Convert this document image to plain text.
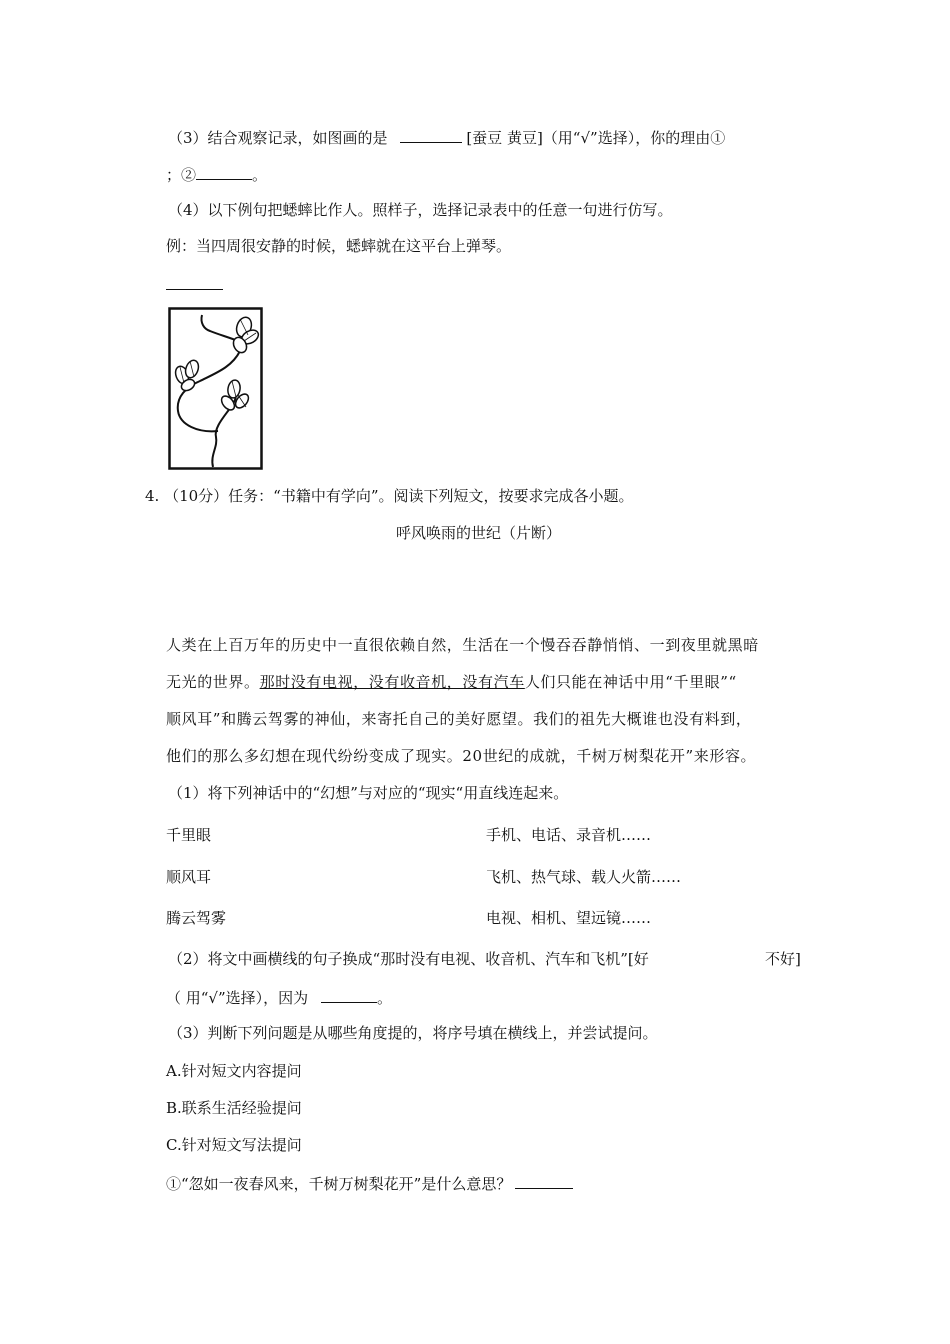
（3）结合观察记录，如图画的是	[蚕豆 黄豆]（用“√”选择），你的理由①
；②	。
（4）以下例句把蟋蟀比作人。照样子，选择记录表中的任意一句进行仿写。
例：当四周很安静的时候，蟋蟀就在这平台上弹琴。
4. （10分）任务：“书籍中有学向”。阅读下列短文，按要求完成各小题。
呼风唤雨的世纪（片断）
人类在上百万年的历史中一直很依赖自然，生活在一个慢吞吞静悄悄、一到夜里就黑暗
无光的世界。那时没有电视，没有收音机，没有汽车人们只能在神话中用“千里眼”“
顺风耳”和腾云驾雾的神仙，来寄托自己的美好愿望。我们的祖先大概谁也没有料到，
他们的那么多幻想在现代纷纷变成了现实。20世纪的成就，千树万树梨花开”来形容。
（1）将下列神话中的“幻想”与对应的“现实“用直线连起来。
千里眼	手机、电话、录音机……
顺风耳	飞机、热气球、载人火箭……
腾云驾雾	电视、相机、望远镜……
（2）将文中画横线的句子换成“那时没有电视、收音机、汽车和飞机”[好	不好]
（ 用“√”选择），因为	。
（3）判断下列问题是从哪些角度提的，将序号填在横线上，并尝试提问。
A.针对短文内容提问
B.联系生活经验提问
C.针对短文写法提问
①“忽如一夜春风来，千树万树梨花开”是什么意思？
